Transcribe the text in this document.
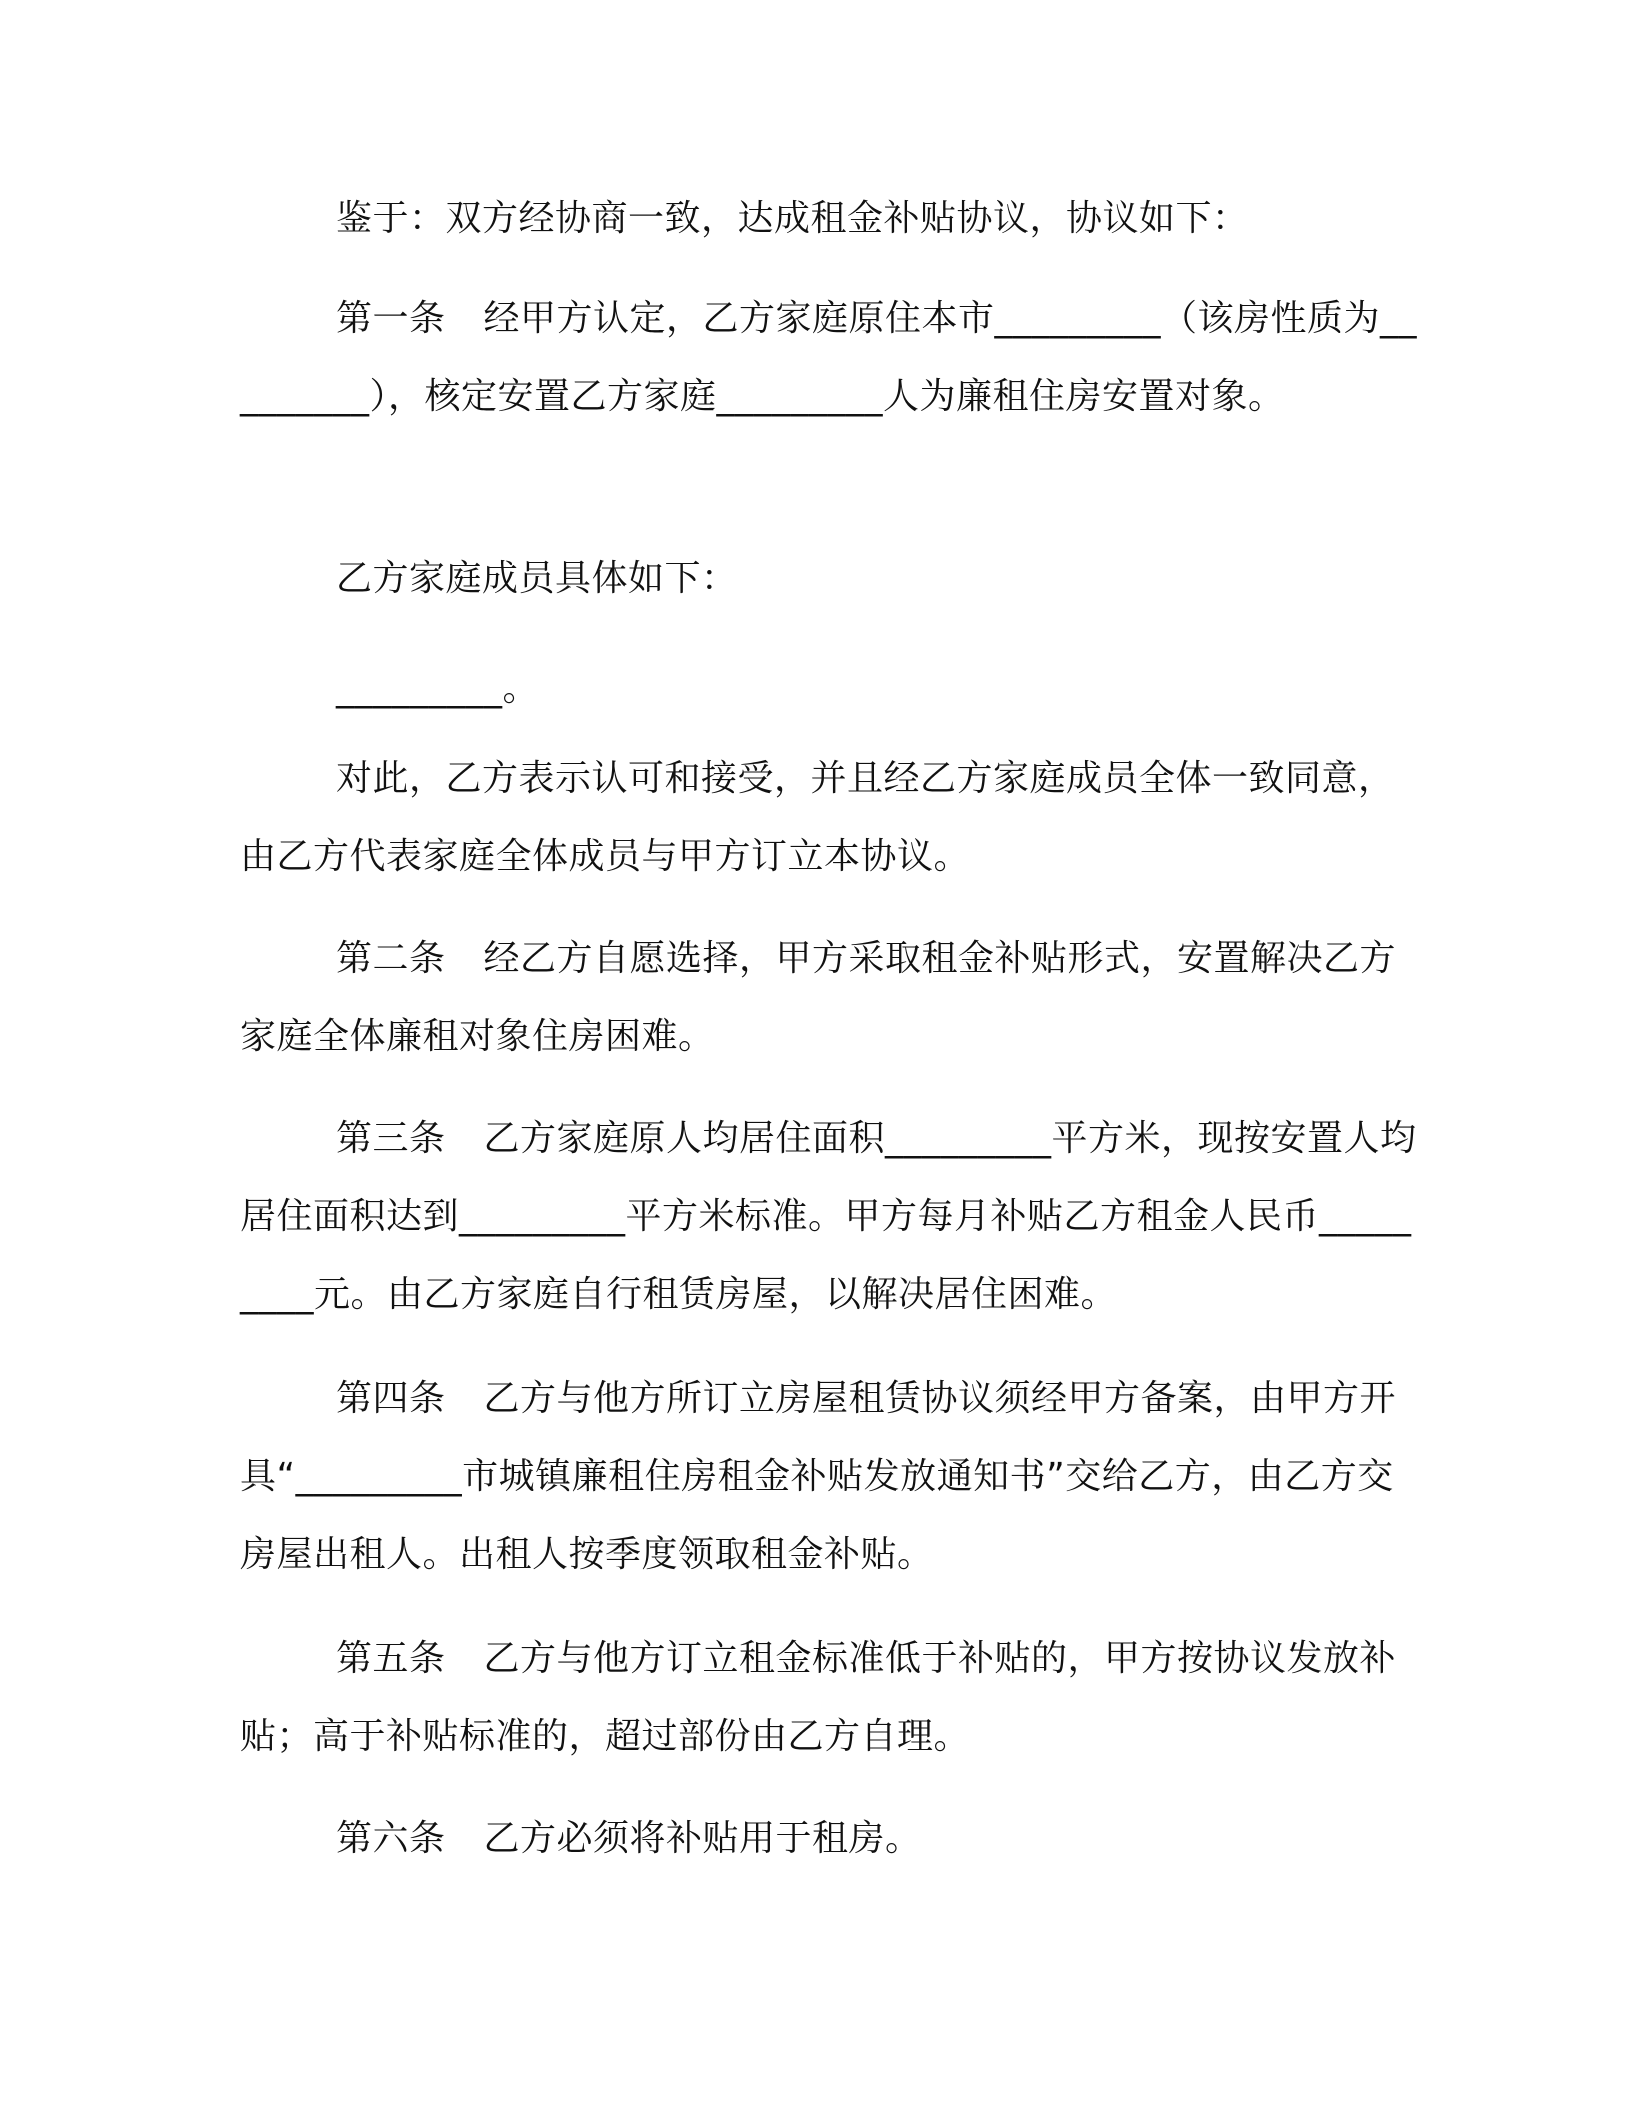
鉴于：双方经协商一致，达成租金补贴协议，协议如下：

第一条 经甲方认定，乙方家庭原住本市_________（该房性质为_________），核定安置乙方家庭_________人为廉租住房安置对象。

乙方家庭成员具体如下：

_________。

对此，乙方表示认可和接受，并且经乙方家庭成员全体一致同意，由乙方代表家庭全体成员与甲方订立本协议。

第二条 经乙方自愿选择，甲方采取租金补贴形式，安置解决乙方家庭全体廉租对象住房困难。

第三条 乙方家庭原人均居住面积_________平方米，现按安置人均居住面积达到_________平方米标准。甲方每月补贴乙方租金人民币_________元。由乙方家庭自行租赁房屋，以解决居住困难。

第四条 乙方与他方所订立房屋租赁协议须经甲方备案，由甲方开具“_________市城镇廉租住房租金补贴发放通知书”交给乙方，由乙方交房屋出租人。出租人按季度领取租金补贴。

第五条 乙方与他方订立租金标准低于补贴的，甲方按协议发放补贴；高于补贴标准的，超过部份由乙方自理。

第六条 乙方必须将补贴用于租房。
